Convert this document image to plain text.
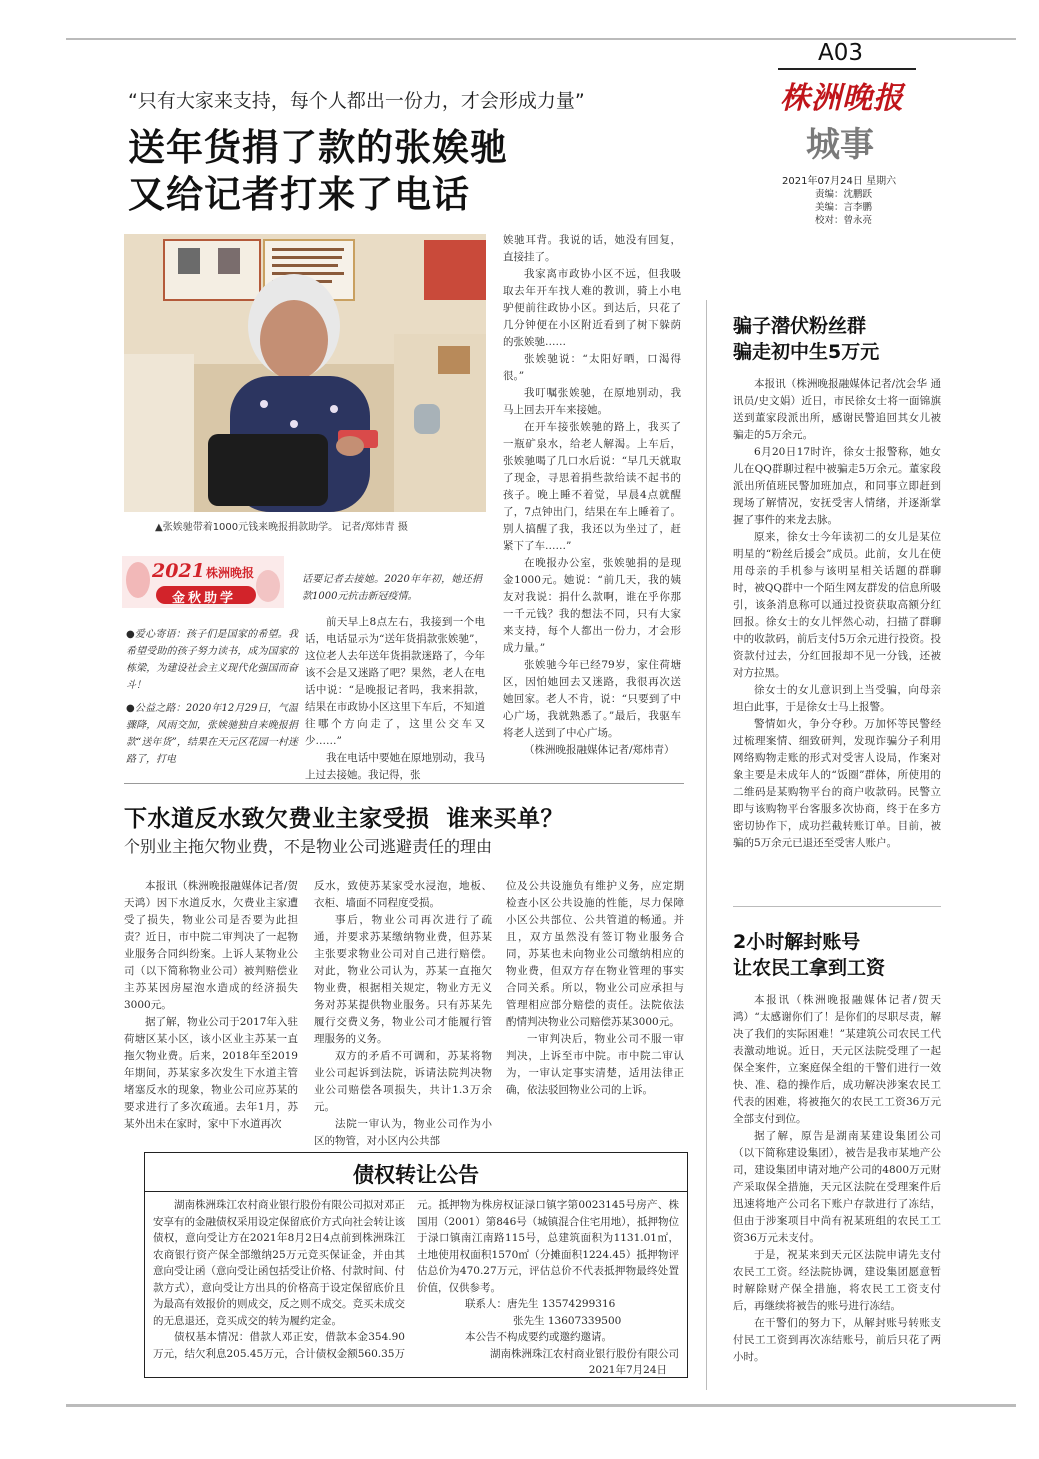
A03
株洲晚报
城事
2021年07月24日 星期六
责编：沈鹏跃
美编：言李鹏
校对：曾永亮
“只有大家来支持，每个人都出一份力，才会形成力量”
送年货捐了款的张娭驰
又给记者打来了电话
▲张娭驰带着1000元钱来晚报捐款助学。 记者/郑炜青 摄
2021 株洲晚报
金秋助学

●爱心寄语：孩子们是国家的希望。我希望受助的孩子努力读书，成为国家的栋梁，为建设社会主义现代化强国而奋斗！

●公益之路：2020年12月29日，气温骤降，风雨交加，张娭驰独自来晚报捐款“送年货”，结果在天元区花园一村迷路了，打电

话要记者去接她。2020年年初，她还捐款1000元抗击新冠疫情。

前天早上8点左右，我接到一个电话，电话显示为“送年货捐款张娭驰”，这位老人去年送年货捐款迷路了，今年该不会是又迷路了吧？果然，老人在电话中说：“是晚报记者吗，我来捐款，结果在市政协小区这里下车后，不知道往哪个方向走了，这里公交车又少……”

我在电话中要她在原地别动，我马上过去接她。我记得，张

娭驰耳背。我说的话，她没有回复，直接挂了。

我家离市政协小区不远，但我吸取去年开车找人难的教训，骑上小电驴便前往政协小区。到达后，只花了几分钟便在小区附近看到了树下躲荫的张娭驰……

张娭驰说：“太阳好晒，口渴得很。”

我叮嘱张娭驰，在原地别动，我马上回去开车来接她。

在开车接张娭驰的路上，我买了一瓶矿泉水，给老人解渴。上车后，张娭驰喝了几口水后说：“早几天就取了现金，寻思着捐些款给读不起书的孩子。晚上睡不着觉，早晨4点就醒了，7点钟出门，结果在车上睡着了。别人搞醒了我，我还以为坐过了，赶紧下了车……”

在晚报办公室，张娭驰捐的是现金1000元。她说：“前几天，我的姨友对我说：捐什么款啊，谁在乎你那一千元钱？我的想法不同，只有大家来支持，每个人都出一份力，才会形成力量。”

张娭驰今年已经79岁，家住荷塘区，因怕她回去又迷路，我很再次送她回家。老人不肯，说：“只要到了中心广场，我就熟悉了。”最后，我驱车将老人送到了中心广场。

（株洲晚报融媒体记者/郑炜青）

下水道反水致欠费业主家受损  谁来买单？
个别业主拖欠物业费，不是物业公司逃避责任的理由

本报讯（株洲晚报融媒体记者/贺天鸿）因下水道反水，欠费业主家遭受了损失，物业公司是否要为此担责？近日，市中院二审判决了一起物业服务合同纠纷案。上诉人某物业公司（以下简称物业公司）被判赔偿业主苏某因房屋泡水造成的经济损失3000元。

据了解，物业公司于2017年入驻荷塘区某小区，该小区业主苏某一直拖欠物业费。后来，2018年至2019年期间，苏某家多次发生下水道主管堵塞反水的现象，物业公司应苏某的要求进行了多次疏通。去年1月，苏某外出未在家时，家中下水道再次

反水，致使苏某家受水浸泡，地板、衣柜、墙面不同程度受损。

事后，物业公司再次进行了疏通，并要求苏某缴纳物业费，但苏某主张要求物业公司对自己进行赔偿。对此，物业公司认为，苏某一直拖欠物业费，根据相关规定，物业方无义务对苏某提供物业服务。只有苏某先履行交费义务，物业公司才能履行管理服务的义务。

双方的矛盾不可调和，苏某将物业公司起诉到法院，诉请法院判决物业公司赔偿各项损失，共计1.3万余元。

法院一审认为，物业公司作为小区的物管，对小区内公共部

位及公共设施负有维护义务，应定期检查小区公共设施的性能，尽力保障小区公共部位、公共管道的畅通。并且，双方虽然没有签订物业服务合同，苏某也未向物业公司缴纳相应的物业费，但双方存在物业管理的事实合同关系。所以，物业公司应承担与管理相应部分赔偿的责任。法院依法酌情判决物业公司赔偿苏某3000元。

一审判决后，物业公司不服一审判决，上诉至市中院。市中院二审认为，一审认定事实清楚，适用法律正确，依法驳回物业公司的上诉。

债权转让公告

湖南株洲珠江农村商业银行股份有限公司拟对邓正安享有的金融债权采用设定保留底价方式向社会转让该债权，意向受让方在2021年8月2日4点前到株洲珠江农商银行资产保全部缴纳25万元竞买保证金，并由其意向受让函（意向受让函包括受让价格、付款时间、付款方式），意向受让方出具的价格高于设定保留底价且为最高有效报价的则成交，反之则不成交。竞买未成交的无息退还，竞买成交的转为履约定金。

债权基本情况：借款人邓正安，借款本金354.90万元，结欠利息205.45万元，合计债权金额560.35万

元。抵押物为株房权证渌口镇字第0023145号房产、株国用（2001）第846号（城镇混合住宅用地），抵押物位于渌口镇南江南路115号，总建筑面积为1131.01㎡，土地使用权面积1570㎡（分摊面积1224.45）抵押物评估总价为470.27万元，评估总价不代表抵押物最终处置价值，仅供参考。

联系人：唐先生 13574299316
张先生 13607339500
本公告不构成要约或邀约邀请。
湖南株洲珠江农村商业银行股份有限公司
2021年7月24日
骗子潜伏粉丝群
骗走初中生5万元

本报讯（株洲晚报融媒体记者/沈会华 通讯员/史文娟）近日，市民徐女士将一面锦旗送到董家段派出所，感谢民警追回其女儿被骗走的5万余元。

6月20日17时许，徐女士报警称，她女儿在QQ群聊过程中被骗走5万余元。董家段派出所值班民警加班加点，和同事立即赶到现场了解情况，安抚受害人情绪，并逐渐掌握了事件的来龙去脉。

原来，徐女士今年读初二的女儿是某位明星的“粉丝后援会”成员。此前，女儿在使用母亲的手机参与该明星相关话题的群聊时，被QQ群中一个陌生网友群发的信息所吸引，该条消息称可以通过投资获取高额分红回报。徐女士的女儿怦然心动，扫描了群聊中的收款码，前后支付5万余元进行投资。投资款付过去，分红回报却不见一分钱，还被对方拉黑。

徐女士的女儿意识到上当受骗，向母亲坦白此事，于是徐女士马上报警。

警情如火，争分夺秒。万加怀等民警经过梳理案情、细致研判，发现诈骗分子利用网络购物走账的形式对受害人设局，作案对象主要是未成年人的“饭圈”群体，所使用的二维码是某购物平台的商户收款码。民警立即与该购物平台客服多次协商，终于在多方密切协作下，成功拦截转账订单。目前，被骗的5万余元已退还至受害人账户。

2小时解封账号
让农民工拿到工资

本报讯（株洲晚报融媒体记者/贺天鸿）“太感谢你们了！是你们的尽职尽责，解决了我们的实际困难！”某建筑公司农民工代表激动地说。近日，天元区法院受理了一起保全案件，立案庭保全组的干警们进行一效快、准、稳的操作后，成功解决涉案农民工代表的困难，将被拖欠的农民工工资36万元全部支付到位。

据了解，原告是湖南某建设集团公司（以下简称建设集团），被告是我市某地产公司，建设集团申请对地产公司的4800万元财产采取保全措施，天元区法院在受理案件后迅速将地产公司名下账户存款进行了冻结，但由于涉案项目中尚有祝某班组的农民工工资36万元未支付。

于是，祝某来到天元区法院申请先支付农民工工资。经法院协调，建设集团愿意暂时解除财产保全措施，将农民工工资支付后，再继续将被告的账号进行冻结。

在干警们的努力下，从解封账号转账支付民工工资到再次冻结账号，前后只花了两小时。
